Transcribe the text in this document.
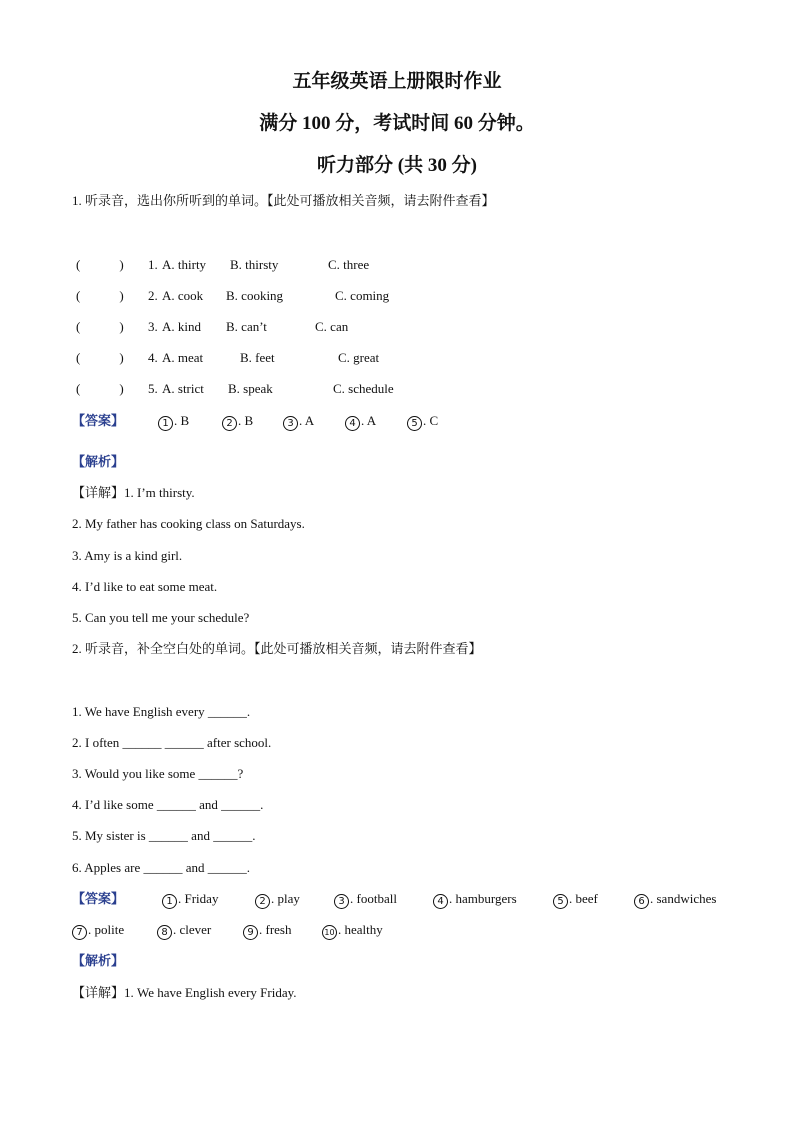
五年级英语上册限时作业
满分 100 分，考试时间 60 分钟。
听力部分 (共 30 分)
1. 听录音，选出你所听到的单词。【此处可播放相关音频，请去附件查看】
(　　　) 1. A. thirty B. thirsty	C. three
(　　　) 2. A. cook B. cooking	C. coming
(　　　) 3. A. kind B. can’t	C. can
(　　　) 4. A. meat	B. feet	C. great
(　　　) 5. A. strict B. speak	C. schedule
【答案】	1 . B	2 . B	3 . A	4 . A	5 . C
【解析】
【详解】1. I’m thirsty.
2. My father has cooking class on Saturdays.
3. Amy is a kind girl.
4. I’d like to eat some meat.
5. Can you tell me your schedule?
2. 听录音，补全空白处的单词。【此处可播放相关音频，请去附件查看】
1. We have English every ______.
2. I often ______ ______ after school.
3. Would you like some ______?
4. I’d like some ______ and ______.
5. My sister is ______ and ______.
6. Apples are ______ and ______.
【答案】	1 . Friday	2 . play	3 . football	4 . hamburgers	5 . beef	6 . sandwiches
7 . polite	8 . clever	9 . fresh	10 . healthy
【解析】
【详解】1. We have English every Friday.
